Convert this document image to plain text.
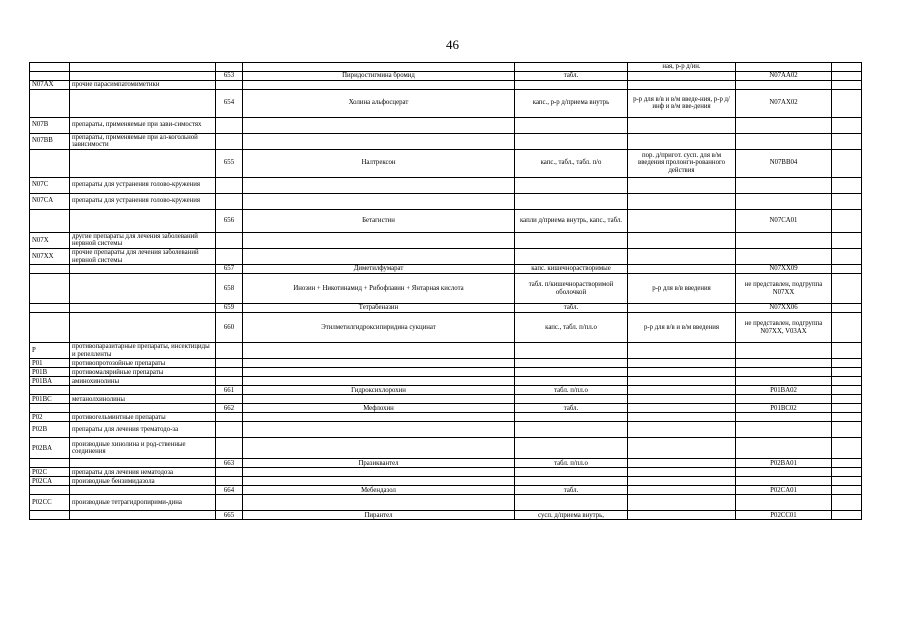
46
					ная, р-р д/ин.		
		653	Пиридостигмина бромид	табл.		N07AA02	
N07AX	прочие парасимпатомиметики						
		654	Холина альфосцерат	капс., р-р д/приема внутрь	р-р для в/в и в/м введе-ния, р-р д/инф и в/м вве-дения	N07AX02	
N07B	препараты, применяемые при зави-симостях						
N07BB	препараты, применяемые при ал-когольной зависимости						
		655	Налтрексон	капс., табл., табл. п/о	пор. д/пригот. сусп. для в/м введения пролонги-рованного действия	N07BB04	
N07C	препараты для устранения голово-кружения						
N07CA	препараты для устранения голово-кружения						
		656	Бетагистин	капли д/приема внутрь, капс., табл.		N07CA01	
N07X	другие препараты для лечения заболеваний нервной системы						
N07XX	прочие препараты для лечения заболеваний нервной системы						
		657	Диметилфумарат	капс. кишечнорастворимые		N07XX09	
		658	Инозин + Никотинамид + Рибофлавин + Янтарная кислота	табл. п/кишечнорастворимой оболочкой	р-р для в/в введения	не представлен, подгруппа N07XX	
		659	Тетрабеназин	табл.		N07XX06	
		660	Этилметилгидроксипиридина сукцинат	капс., табл. п/пл.о	р-р для в/в и в/м введения	не представлен, подгруппа N07XX, V03AX	
P	противопаразитарные препараты, инсектициды и репелленты						
P01	противопротозойные препараты						
P01B	противомалярийные препараты						
P01BA	аминохинолины						
		661	Гидроксихлорохин	табл. п/пл.о		P01BA02	
P01BC	метанолхинолины						
		662	Мефлохин	табл.		P01BC02	
P02	противогельминтные препараты						
P02B	препараты для лечения трематодо-за						
P02BA	производные хинолина и род-ственные соединения						
		663	Празиквантел	табл. п/пл.о		P02BA01	
P02C	препараты для лечения нематодоза						
P02CA	производные бензимидазола						
		664	Мебендазол	табл.		P02CA01	
P02CC	производные тетрагидропирими-дина						
		665	Пирантел	сусп. д/приема внутрь,		P02CC01	
